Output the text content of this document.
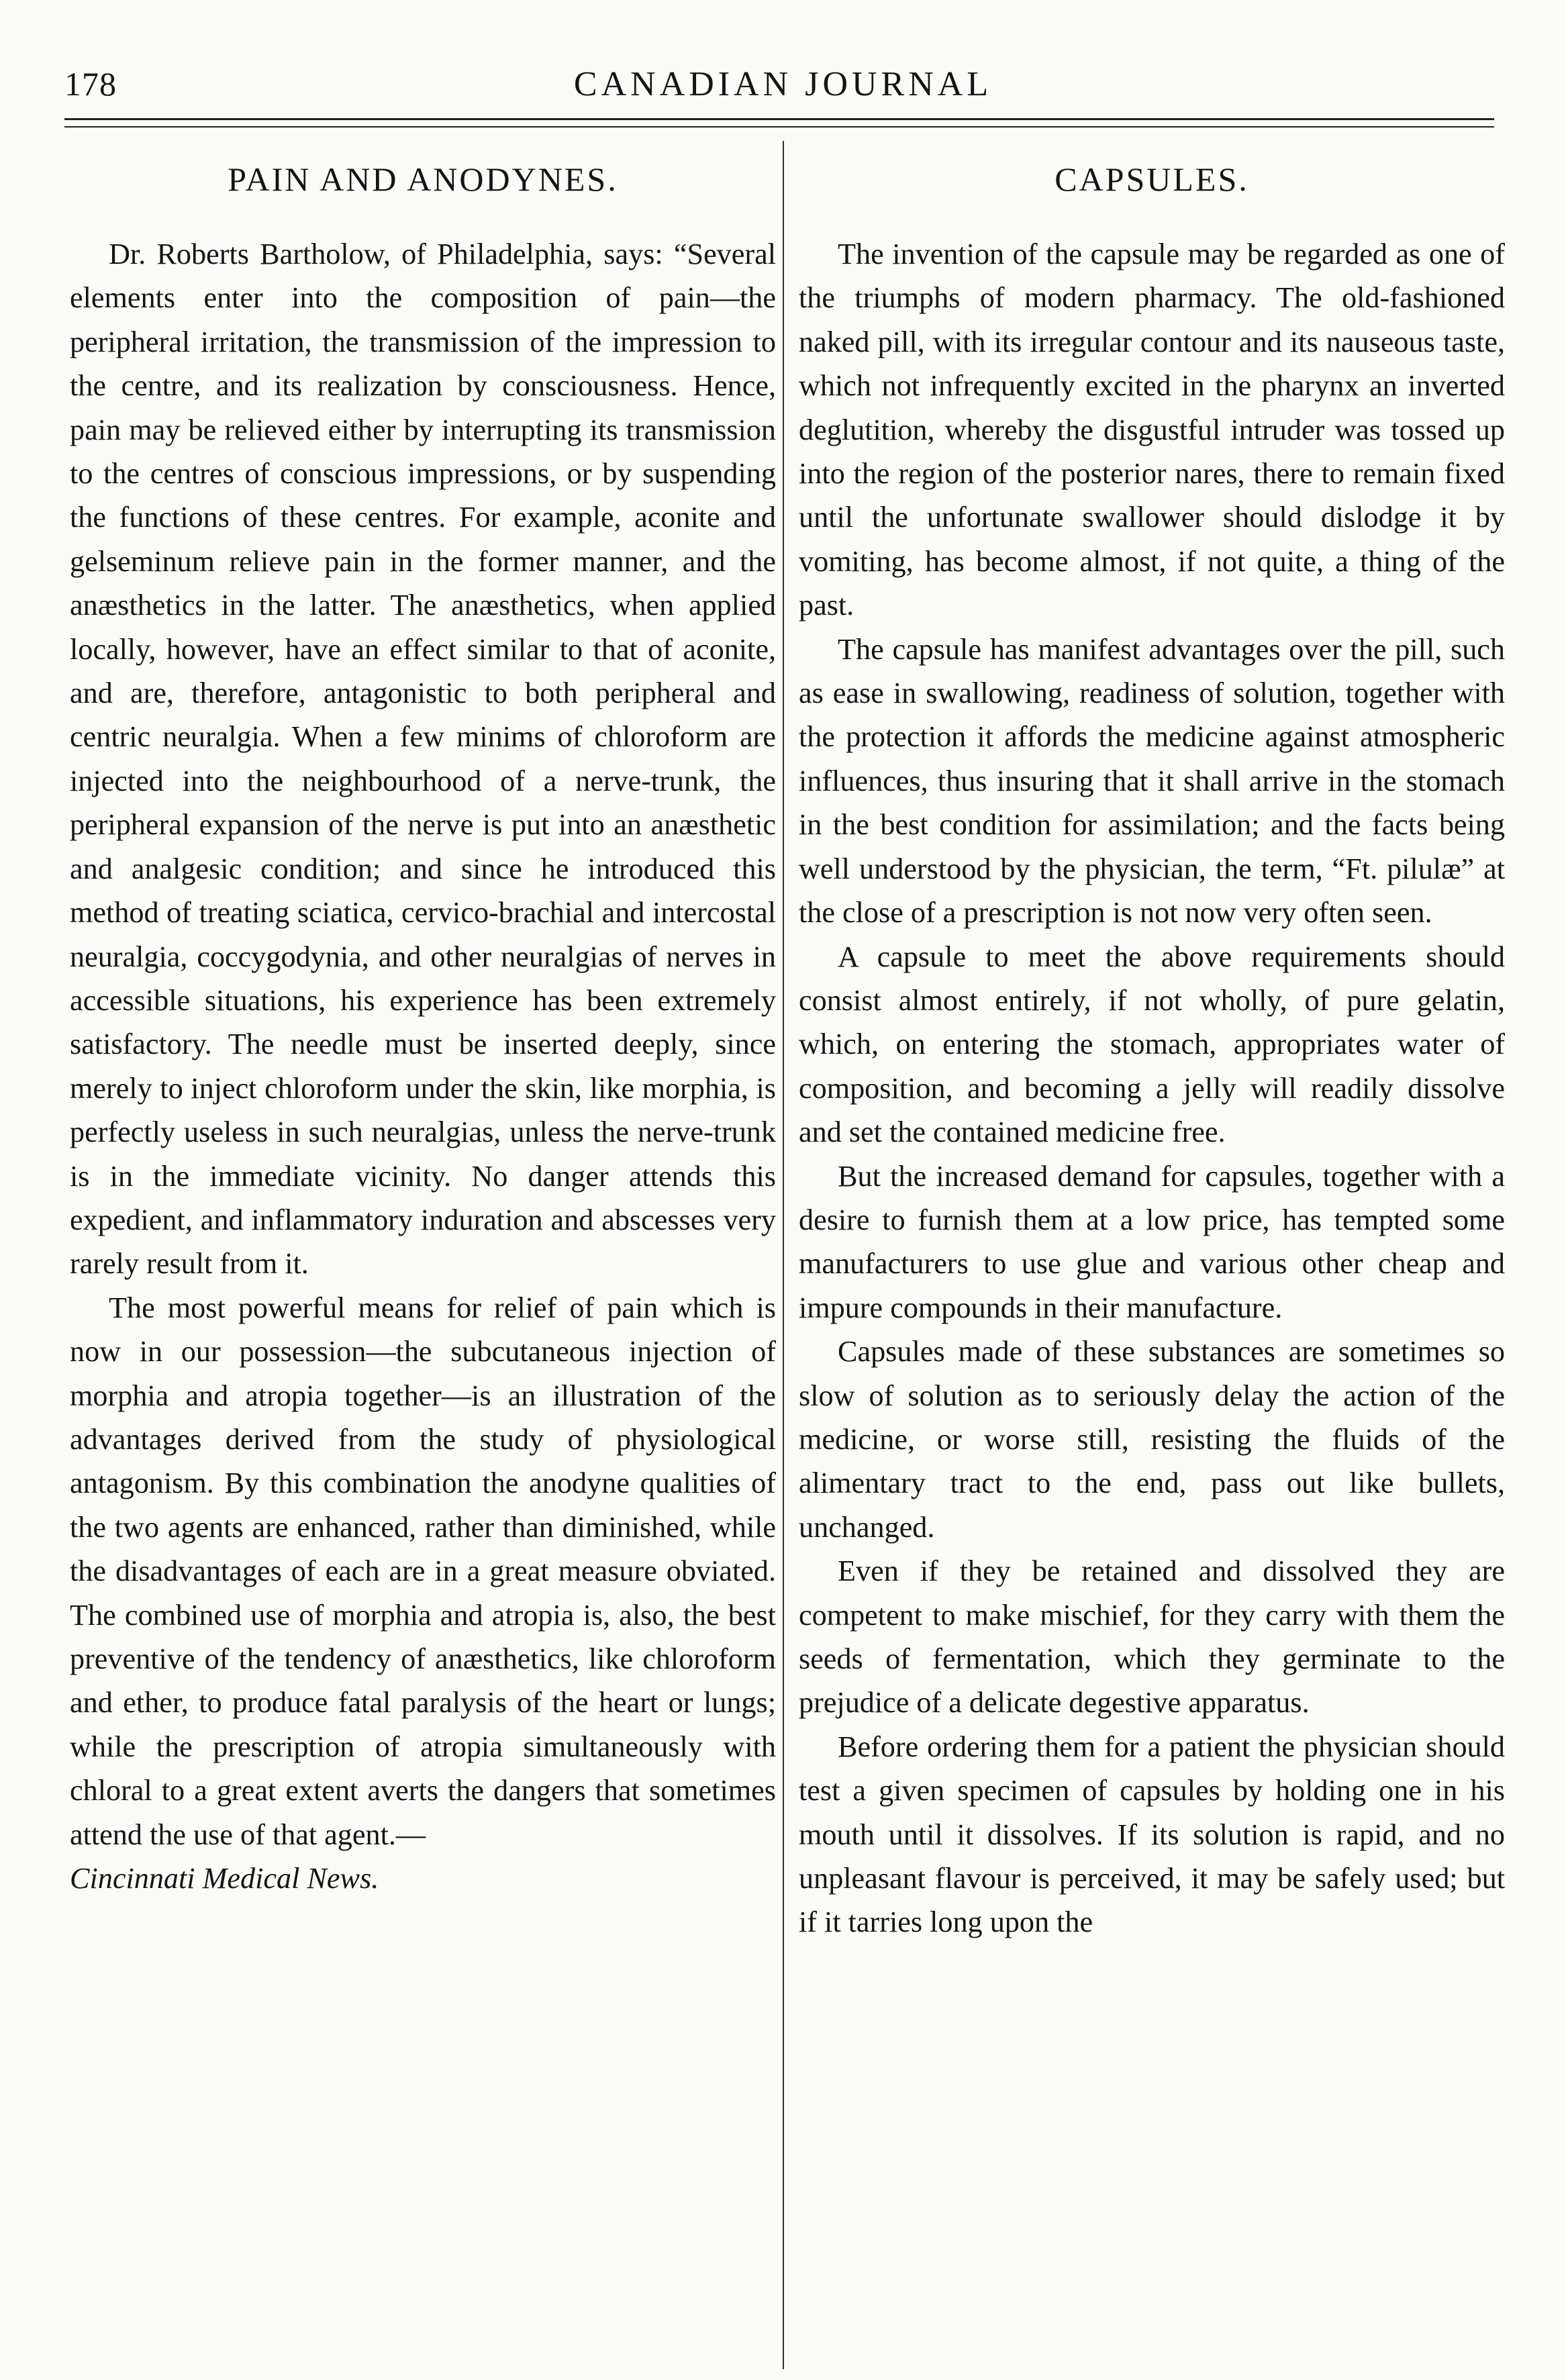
178	CANADIAN JOURNAL
PAIN AND ANODYNES.

Dr. Roberts Bartholow, of Philadelphia, says: “Several elements enter into the composition of pain—the peripheral irritation, the transmission of the impression to the centre, and its realization by consciousness. Hence, pain may be relieved either by interrupting its transmission to the centres of conscious impressions, or by suspending the functions of these centres. For example, aconite and gelseminum relieve pain in the former manner, and the anæsthetics in the latter. The anæsthetics, when applied locally, however, have an effect similar to that of aconite, and are, therefore, antagonistic to both peripheral and centric neuralgia. When a few minims of chloroform are injected into the neighbourhood of a nerve-trunk, the peripheral expansion of the nerve is put into an anæsthetic and analgesic condition; and since he introduced this method of treating sciatica, cervico-brachial and intercostal neuralgia, coccygodynia, and other neuralgias of nerves in accessible situations, his experience has been extremely satisfactory. The needle must be inserted deeply, since merely to inject chloroform under the skin, like morphia, is perfectly useless in such neuralgias, unless the nerve-trunk is in the immediate vicinity. No danger attends this expedient, and inflammatory induration and abscesses very rarely result from it.

The most powerful means for relief of pain which is now in our possession—the subcutaneous injection of morphia and atropia together—is an illustration of the advantages derived from the study of physiological antagonism. By this combination the anodyne qualities of the two agents are enhanced, rather than diminished, while the disadvantages of each are in a great measure obviated. The combined use of morphia and atropia is, also, the best preventive of the tendency of anæsthetics, like chloroform and ether, to produce fatal paralysis of the heart or lungs; while the prescription of atropia simultaneously with chloral to a great extent averts the dangers that sometimes attend the use of that agent.—

Cincinnati Medical News.

CAPSULES.

The invention of the capsule may be regarded as one of the triumphs of modern pharmacy. The old-fashioned naked pill, with its irregular contour and its nauseous taste, which not infrequently excited in the pharynx an inverted deglutition, whereby the disgustful intruder was tossed up into the region of the posterior nares, there to remain fixed until the unfortunate swallower should dislodge it by vomiting, has become almost, if not quite, a thing of the past.

The capsule has manifest advantages over the pill, such as ease in swallowing, readiness of solution, together with the protection it affords the medicine against atmospheric influences, thus insuring that it shall arrive in the stomach in the best condition for assimilation; and the facts being well understood by the physician, the term, “Ft. pilulæ” at the close of a prescription is not now very often seen.

A capsule to meet the above requirements should consist almost entirely, if not wholly, of pure gelatin, which, on entering the stomach, appropriates water of composition, and becoming a jelly will readily dissolve and set the contained medicine free.

But the increased demand for capsules, together with a desire to furnish them at a low price, has tempted some manufacturers to use glue and various other cheap and impure compounds in their manufacture.

Capsules made of these substances are sometimes so slow of solution as to seriously delay the action of the medicine, or worse still, resisting the fluids of the alimentary tract to the end, pass out like bullets, unchanged.

Even if they be retained and dissolved they are competent to make mischief, for they carry with them the seeds of fermentation, which they germinate to the prejudice of a delicate degestive apparatus.

Before ordering them for a patient the physician should test a given specimen of capsules by holding one in his mouth until it dissolves. If its solution is rapid, and no unpleasant flavour is perceived, it may be safely used; but if it tarries long upon the
